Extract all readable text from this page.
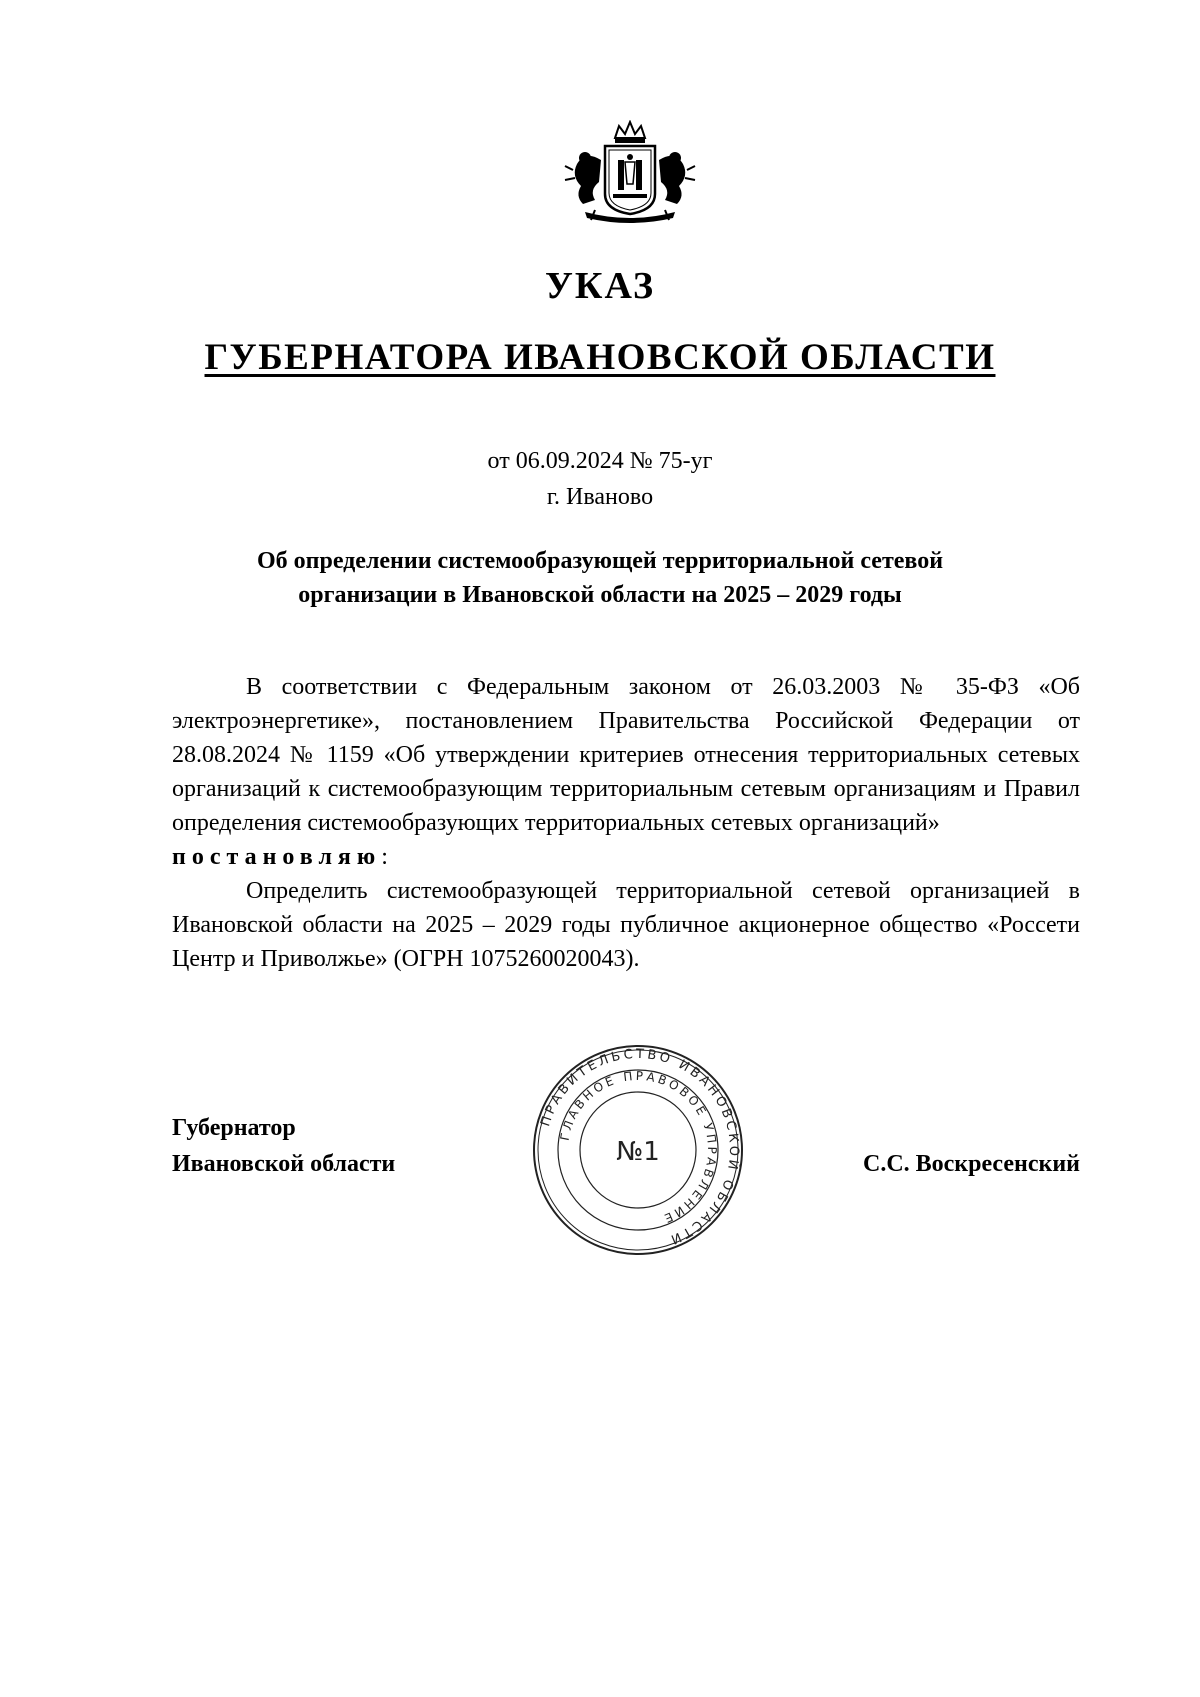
УКАЗ
ГУБЕРНАТОРА ИВАНОВСКОЙ ОБЛАСТИ
от 06.09.2024 № 75-уг
г. Иваново
Об определении системообразующей территориальной сетевой
организации в Ивановской области на 2025 – 2029 годы

В соответствии с Федеральным законом от 26.03.2003 № 35-ФЗ «Об электроэнергетике», постановлением Правительства Российской Федерации от 28.08.2024 № 1159 «Об утверждении критериев отнесения территориальных сетевых организаций к системообразующим территориальным сетевым организациям и Правил определения системообразующих территориальных сетевых организаций»
постановляю:

Определить системообразующей территориальной сетевой организацией в Ивановской области на 2025 – 2029 годы публичное акционерное общество «Россети Центр и Приволжье» (ОГРН 1075260020043).

Губернатор
Ивановской области
ПРАВИТЕЛЬСТВО ИВАНОВСКОЙ ОБЛАСТИ
ГЛАВНОЕ ПРАВОВОЕ УПРАВЛЕНИЕ
№1	С.С. Воскресенский
